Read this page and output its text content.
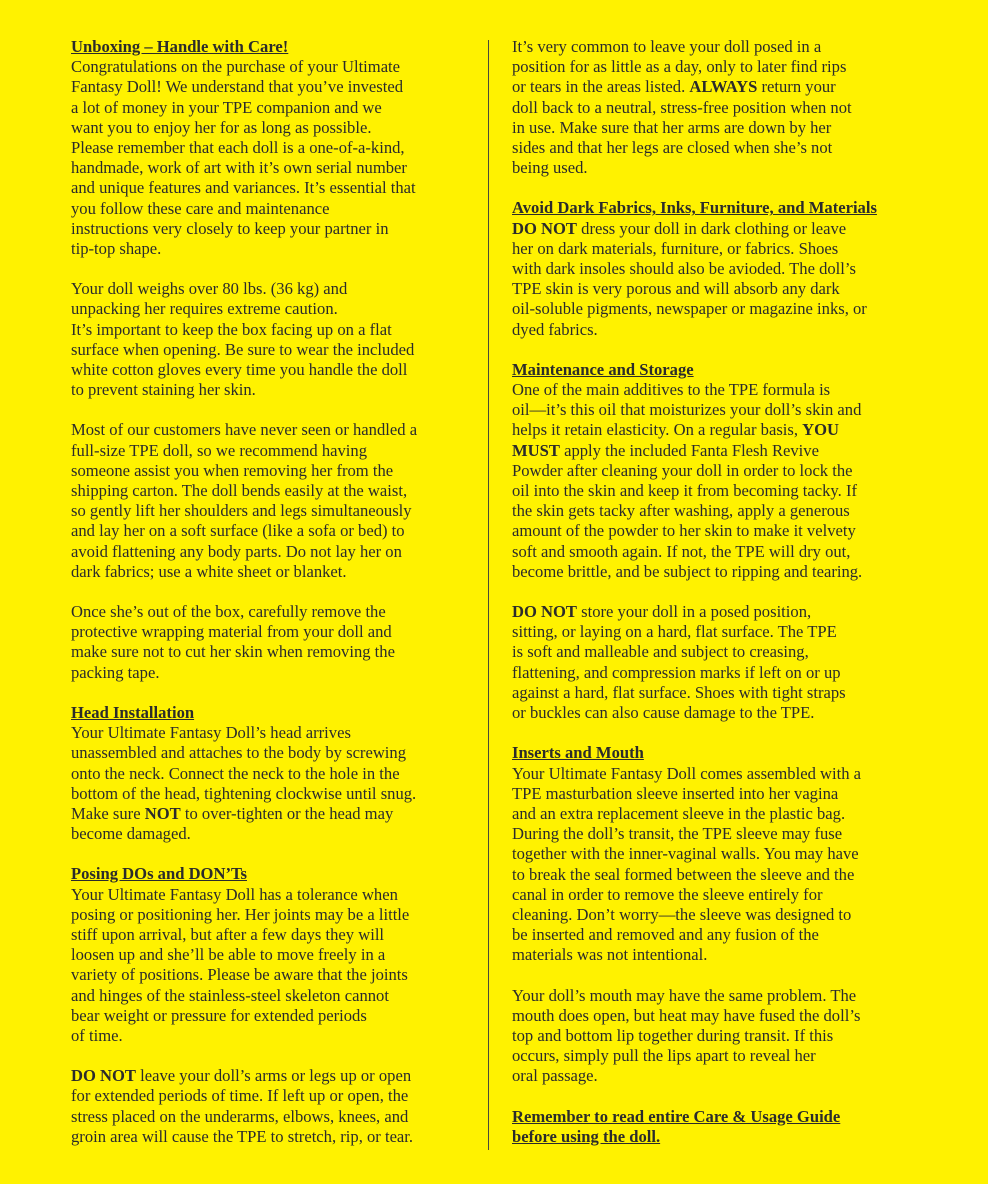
Unboxing – Handle with Care!

Congratulations on the purchase of your Ultimate
Fantasy Doll! We understand that you’ve invested
a lot of money in your TPE companion and we
want you to enjoy her for as long as possible.
Please remember that each doll is a one-of-a-kind,
handmade, work of art with it’s own serial number
and unique features and variances. It’s essential that
you follow these care and maintenance
instructions very closely to keep your partner in
tip-top shape.

Your doll weighs over 80 lbs. (36 kg) and
unpacking her requires extreme caution.
It’s important to keep the box facing up on a flat
surface when opening. Be sure to wear the included
white cotton gloves every time you handle the doll
to prevent staining her skin.

Most of our customers have never seen or handled a
full-size TPE doll, so we recommend having
someone assist you when removing her from the
shipping carton. The doll bends easily at the waist,
so gently lift her shoulders and legs simultaneously
and lay her on a soft surface (like a sofa or bed) to
avoid flattening any body parts. Do not lay her on
dark fabrics; use a white sheet or blanket.

Once she’s out of the box, carefully remove the
protective wrapping material from your doll and
make sure not to cut her skin when removing the
packing tape.

Head Installation

Your Ultimate Fantasy Doll’s head arrives
unassembled and attaches to the body by screwing
onto the neck. Connect the neck to the hole in the
bottom of the head, tightening clockwise until snug.
Make sure NOT to over-tighten or the head may
become damaged.

Posing DOs and DON’Ts

Your Ultimate Fantasy Doll has a tolerance when
posing or positioning her. Her joints may be a little
stiff upon arrival, but after a few days they will
loosen up and she’ll be able to move freely in a
variety of positions. Please be aware that the joints
and hinges of the stainless-steel skeleton cannot
bear weight or pressure for extended periods
of time.

DO NOT leave your doll’s arms or legs up or open
for extended periods of time. If left up or open, the
stress placed on the underarms, elbows, knees, and
groin area will cause the TPE to stretch, rip, or tear.

It’s very common to leave your doll posed in a
position for as little as a day, only to later find rips
or tears in the areas listed. ALWAYS return your
doll back to a neutral, stress-free position when not
in use. Make sure that her arms are down by her
sides and that her legs are closed when she’s not
being used.

Avoid Dark Fabrics, Inks, Furniture, and Materials

DO NOT dress your doll in dark clothing or leave
her on dark materials, furniture, or fabrics. Shoes
with dark insoles should also be avioded. The doll’s
TPE skin is very porous and will absorb any dark
oil-soluble pigments, newspaper or magazine inks, or
dyed fabrics.

Maintenance and Storage

One of the main additives to the TPE formula is
oil—it’s this oil that moisturizes your doll’s skin and
helps it retain elasticity. On a regular basis, YOU
MUST apply the included Fanta Flesh Revive
Powder after cleaning your doll in order to lock the
oil into the skin and keep it from becoming tacky. If
the skin gets tacky after washing, apply a generous
amount of the powder to her skin to make it velvety
soft and smooth again. If not, the TPE will dry out,
become brittle, and be subject to ripping and tearing.

DO NOT store your doll in a posed position,
sitting, or laying on a hard, flat surface. The TPE
is soft and malleable and subject to creasing,
flattening, and compression marks if left on or up
against a hard, flat surface. Shoes with tight straps
or buckles can also cause damage to the TPE.

Inserts and Mouth

Your Ultimate Fantasy Doll comes assembled with a
TPE masturbation sleeve inserted into her vagina
and an extra replacement sleeve in the plastic bag.
During the doll’s transit, the TPE sleeve may fuse
together with the inner-vaginal walls. You may have
to break the seal formed between the sleeve and the
canal in order to remove the sleeve entirely for
cleaning. Don’t worry—the sleeve was designed to
be inserted and removed and any fusion of the
materials was not intentional.

Your doll’s mouth may have the same problem. The
mouth does open, but heat may have fused the doll’s
top and bottom lip together during transit. If this
occurs, simply pull the lips apart to reveal her
oral passage.

Remember to read entire Care & Usage Guide
before using the doll.
